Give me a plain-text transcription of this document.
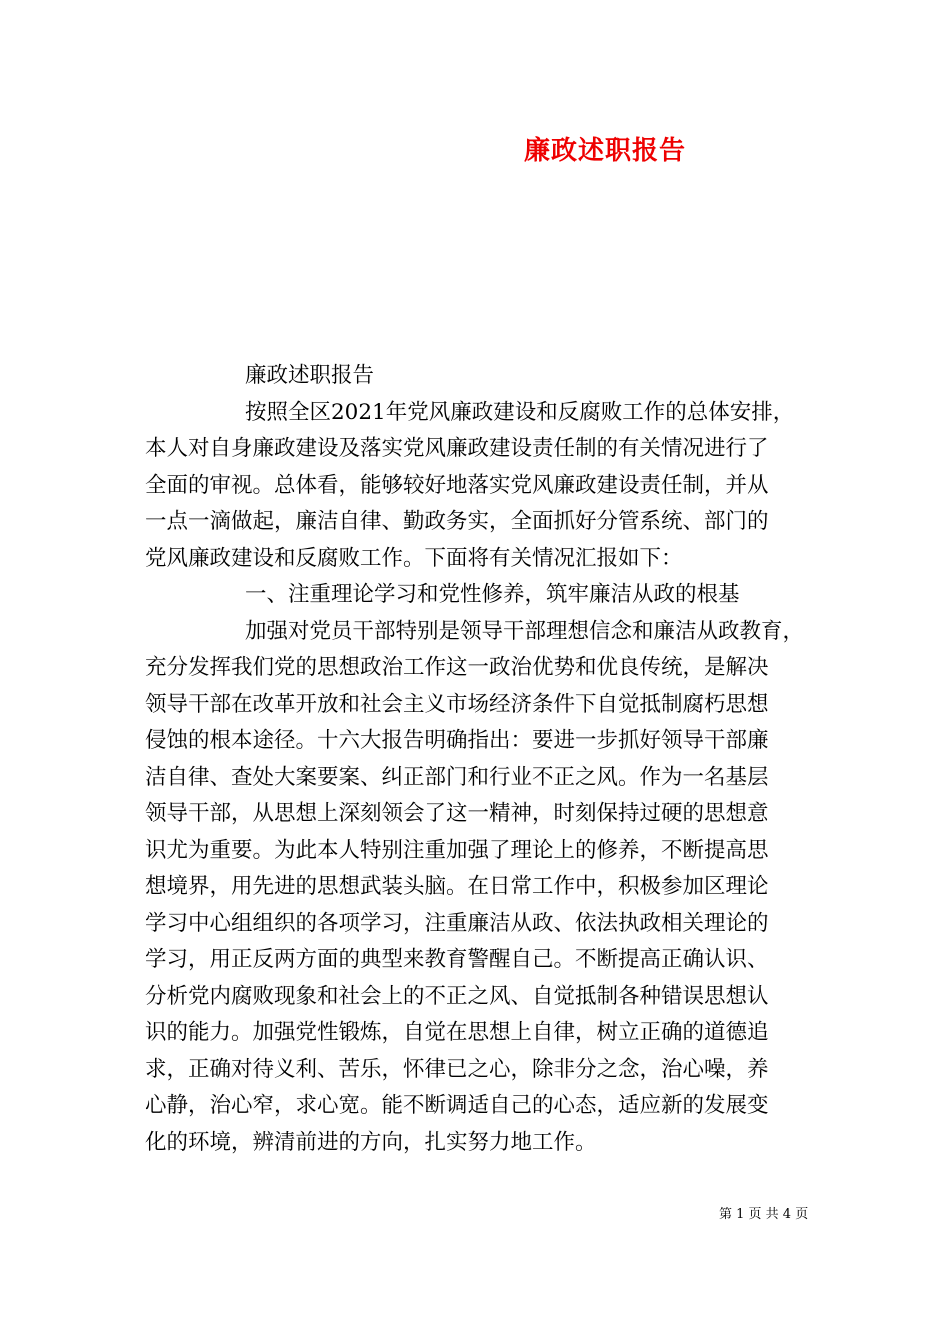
廉政述职报告
廉政述职报告
按照全区2021年党风廉政建设和反腐败工作的总体安排，
本人对自身廉政建设及落实党风廉政建设责任制的有关情况进行了
全面的审视。总体看，能够较好地落实党风廉政建设责任制，并从
一点一滴做起，廉洁自律、勤政务实，全面抓好分管系统、部门的
党风廉政建设和反腐败工作。下面将有关情况汇报如下：
一、注重理论学习和党性修养，筑牢廉洁从政的根基
加强对党员干部特别是领导干部理想信念和廉洁从政教育，
充分发挥我们党的思想政治工作这一政治优势和优良传统，是解决
领导干部在改革开放和社会主义市场经济条件下自觉抵制腐朽思想
侵蚀的根本途径。十六大报告明确指出：要进一步抓好领导干部廉
洁自律、查处大案要案、纠正部门和行业不正之风。作为一名基层
领导干部，从思想上深刻领会了这一精神，时刻保持过硬的思想意
识尤为重要。为此本人特别注重加强了理论上的修养，不断提高思
想境界，用先进的思想武装头脑。在日常工作中，积极参加区理论
学习中心组组织的各项学习，注重廉洁从政、依法执政相关理论的
学习，用正反两方面的典型来教育警醒自己。不断提高正确认识、
分析党内腐败现象和社会上的不正之风、自觉抵制各种错误思想认
识的能力。加强党性锻炼，自觉在思想上自律，树立正确的道德追
求，正确对待义利、苦乐，怀律已之心，除非分之念，治心噪，养
心静，治心窄，求心宽。能不断调适自己的心态，适应新的发展变
化的环境，辨清前进的方向，扎实努力地工作。
第 1 页 共 4 页
